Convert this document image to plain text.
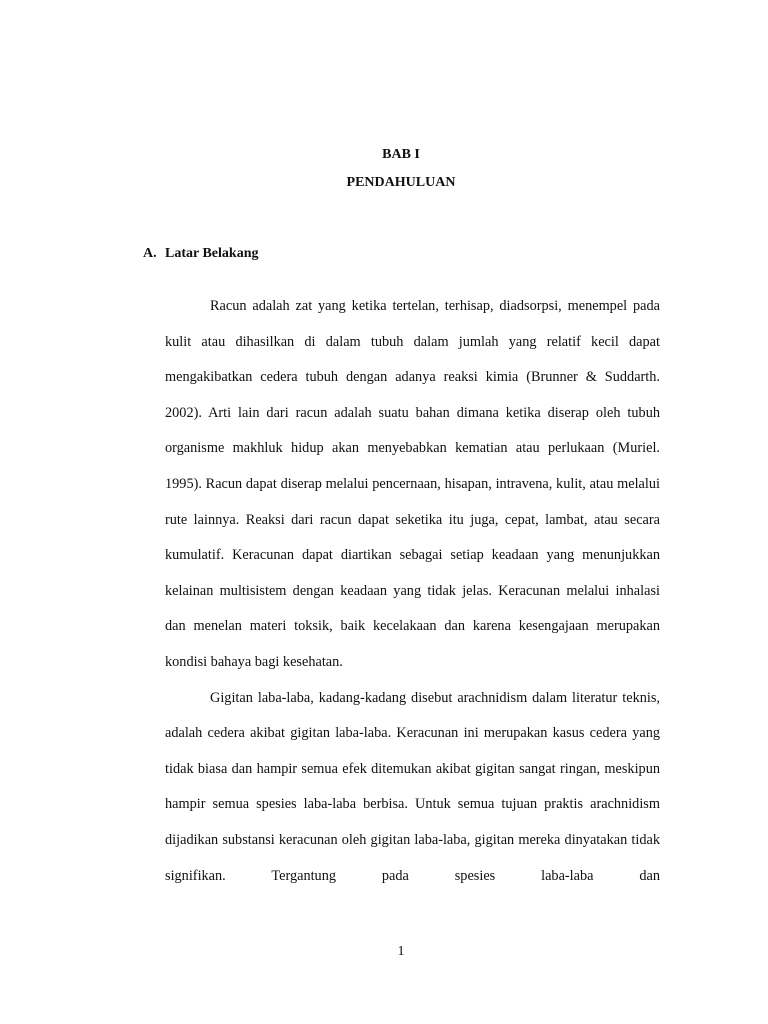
BAB I
PENDAHULUAN
A. Latar Belakang

Racun adalah zat yang ketika tertelan, terhisap, diadsorpsi, menempel pada kulit atau dihasilkan di dalam tubuh dalam jumlah yang relatif kecil dapat mengakibatkan cedera tubuh dengan adanya reaksi kimia (Brunner & Suddarth. 2002). Arti lain dari racun adalah suatu bahan dimana ketika diserap oleh tubuh organisme makhluk hidup akan menyebabkan kematian atau perlukaan (Muriel. 1995). Racun dapat diserap melalui pencernaan, hisapan, intravena, kulit, atau melalui rute lainnya. Reaksi dari racun dapat seketika itu juga, cepat, lambat, atau secara kumulatif. Keracunan dapat diartikan sebagai setiap keadaan yang menunjukkan kelainan multisistem dengan keadaan yang tidak jelas. Keracunan melalui inhalasi dan menelan materi toksik, baik kecelakaan dan karena kesengajaan merupakan kondisi bahaya bagi kesehatan.

Gigitan laba-laba, kadang-kadang disebut arachnidism dalam literatur teknis, adalah cedera akibat gigitan laba-laba. Keracunan ini merupakan kasus cedera yang tidak biasa dan hampir semua efek ditemukan akibat gigitan sangat ringan, meskipun hampir semua spesies laba-laba berbisa. Untuk semua tujuan praktis arachnidism dijadikan substansi keracunan oleh gigitan laba-laba, gigitan mereka dinyatakan tidak signifikan. Tergantung pada spesies laba-laba dan

1
